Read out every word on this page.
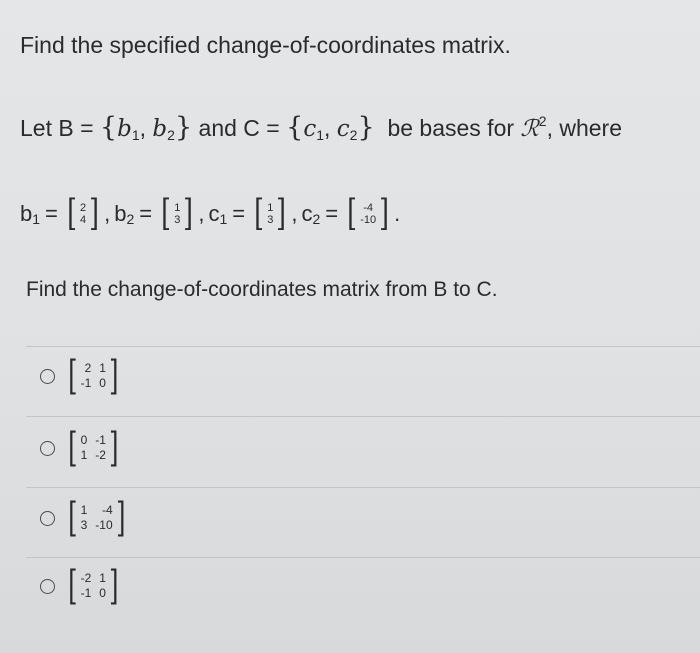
Find the specified change-of-coordinates matrix.
Let $B = \{b_1$, $b_2$} and $C = \{c_1$, $c_2$} be bases for ℛ$^2$, where
b 1 = [ 2
4 ] , b 2 = [ 1
3 ] , c 1 = [ 1
3 ] , c 2 = [ -4
-10 ] .
Find the change-of-coordinates matrix from B to C.
[ 2 1
-1 0 ]
[ 0 -1
1 -2 ]
[ 1	-4
3 -10 ]
[ -2 1
-1 0 ]
